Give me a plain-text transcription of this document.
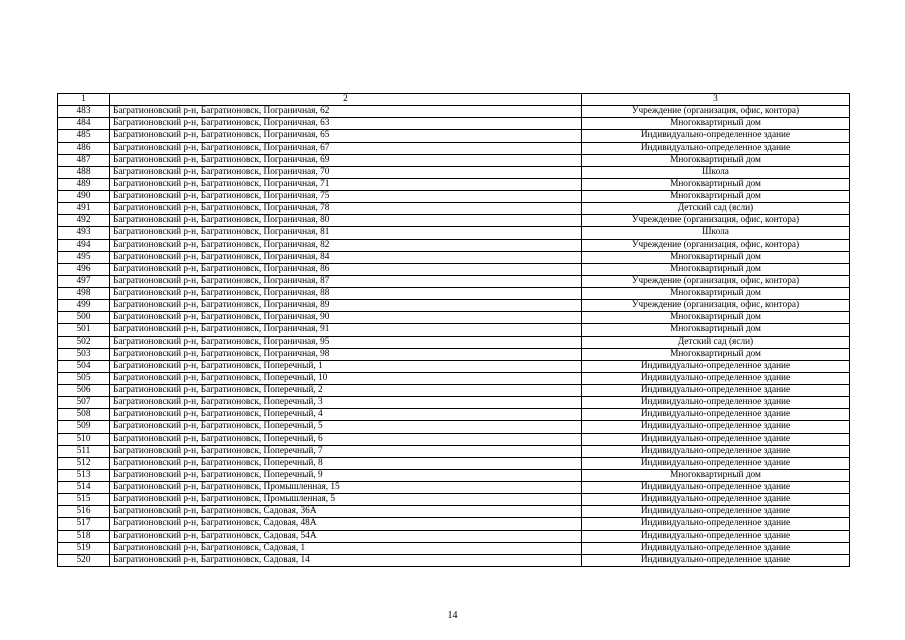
1	2	3
483	Багратионовский р-н, Багратионовск, Пограничная, 62	Учреждение (организация, офис, контора)
484	Багратионовский р-н, Багратионовск, Пограничная, 63	Многоквартирный дом
485	Багратионовский р-н, Багратионовск, Пограничная, 65	Индивидуально-определенное здание
486	Багратионовский р-н, Багратионовск, Пограничная, 67	Индивидуально-определенное здание
487	Багратионовский р-н, Багратионовск, Пограничная, 69	Многоквартирный дом
488	Багратионовский р-н, Багратионовск, Пограничная, 70	Школа
489	Багратионовский р-н, Багратионовск, Пограничная, 71	Многоквартирный дом
490	Багратионовский р-н, Багратионовск, Пограничная, 75	Многоквартирный дом
491	Багратионовский р-н, Багратионовск, Пограничная, 78	Детский сад (ясли)
492	Багратионовский р-н, Багратионовск, Пограничная, 80	Учреждение (организация, офис, контора)
493	Багратионовский р-н, Багратионовск, Пограничная, 81	Школа
494	Багратионовский р-н, Багратионовск, Пограничная, 82	Учреждение (организация, офис, контора)
495	Багратионовский р-н, Багратионовск, Пограничная, 84	Многоквартирный дом
496	Багратионовский р-н, Багратионовск, Пограничная, 86	Многоквартирный дом
497	Багратионовский р-н, Багратионовск, Пограничная, 87	Учреждение (организация, офис, контора)
498	Багратионовский р-н, Багратионовск, Пограничная, 88	Многоквартирный дом
499	Багратионовский р-н, Багратионовск, Пограничная, 89	Учреждение (организация, офис, контора)
500	Багратионовский р-н, Багратионовск, Пограничная, 90	Многоквартирный дом
501	Багратионовский р-н, Багратионовск, Пограничная, 91	Многоквартирный дом
502	Багратионовский р-н, Багратионовск, Пограничная, 95	Детский сад (ясли)
503	Багратионовский р-н, Багратионовск, Пограничная, 98	Многоквартирный дом
504	Багратионовский р-н, Багратионовск, Поперечный, 1	Индивидуально-определенное здание
505	Багратионовский р-н, Багратионовск, Поперечный, 10	Индивидуально-определенное здание
506	Багратионовский р-н, Багратионовск, Поперечный, 2	Индивидуально-определенное здание
507	Багратионовский р-н, Багратионовск, Поперечный, 3	Индивидуально-определенное здание
508	Багратионовский р-н, Багратионовск, Поперечный, 4	Индивидуально-определенное здание
509	Багратионовский р-н, Багратионовск, Поперечный, 5	Индивидуально-определенное здание
510	Багратионовский р-н, Багратионовск, Поперечный, 6	Индивидуально-определенное здание
511	Багратионовский р-н, Багратионовск, Поперечный, 7	Индивидуально-определенное здание
512	Багратионовский р-н, Багратионовск, Поперечный, 8	Индивидуально-определенное здание
513	Багратионовский р-н, Багратионовск, Поперечный, 9	Многоквартирный дом
514	Багратионовский р-н, Багратионовск, Промышленная, 15	Индивидуально-определенное здание
515	Багратионовский р-н, Багратионовск, Промышленная, 5	Индивидуально-определенное здание
516	Багратионовский р-н, Багратионовск, Садовая, 36А	Индивидуально-определенное здание
517	Багратионовский р-н, Багратионовск, Садовая, 48А	Индивидуально-определенное здание
518	Багратионовский р-н, Багратионовск, Садовая, 54А	Индивидуально-определенное здание
519	Багратионовский р-н, Багратионовск, Садовая, 1	Индивидуально-определенное здание
520	Багратионовский р-н, Багратионовск, Садовая, 14	Индивидуально-определенное здание
14
